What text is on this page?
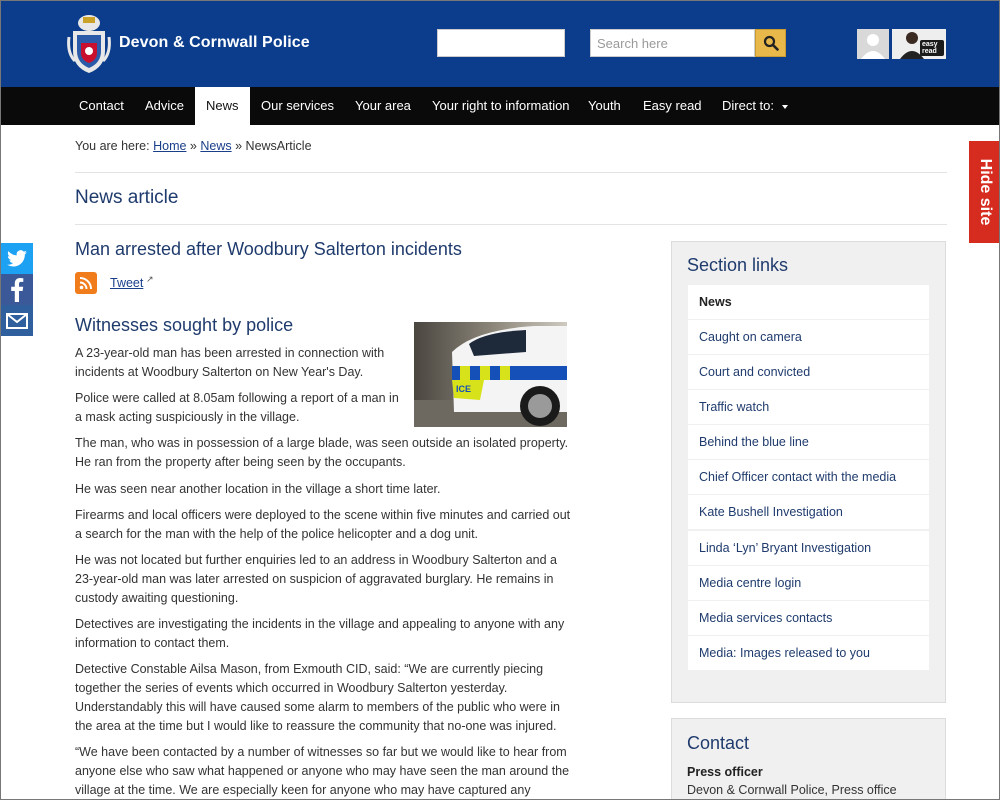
Devon & Cornwall Police
Search here	easy read
Contact	Advice	News	Our services	Your area	Your right to information	Youth	Easy read	Direct to:
You are here: Home » News » NewsArticle
News article	Hide site
Man arrested after Woodbury Salterton incidents
Tweet ↗
Witnesses sought by police
ICE
A 23-year-old man has been arrested in connection with incidents at Woodbury Salterton on New Year's Day.
Police were called at 8.05am following a report of a man in a mask acting suspiciously in the village.
The man, who was in possession of a large blade, was seen outside an isolated property. He ran from the property after being seen by the occupants.
He was seen near another location in the village a short time later.
Firearms and local officers were deployed to the scene within five minutes and carried out a search for the man with the help of the police helicopter and a dog unit.
He was not located but further enquiries led to an address in Woodbury Salterton and a 23-year-old man was later arrested on suspicion of aggravated burglary. He remains in custody awaiting questioning.
Detectives are investigating the incidents in the village and appealing to anyone with any information to contact them.
Detective Constable Ailsa Mason, from Exmouth CID, said: “We are currently piecing together the series of events which occurred in Woodbury Salterton yesterday. Understandably this will have caused some alarm to members of the public who were in the area at the time but I would like to reassure the community that no-one was injured.
“We have been contacted by a number of witnesses so far but we would like to hear from anyone else who saw what happened or anyone who may have seen the man around the village at the time. We are especially keen for anyone who may have captured any
Section links
News
Caught on camera
Court and convicted
Traffic watch
Behind the blue line
Chief Officer contact with the media
Kate Bushell Investigation
Linda ‘Lyn’ Bryant Investigation
Media centre login
Media services contacts
Media: Images released to you
Contact
Press officer
Devon & Cornwall Police, Press office
